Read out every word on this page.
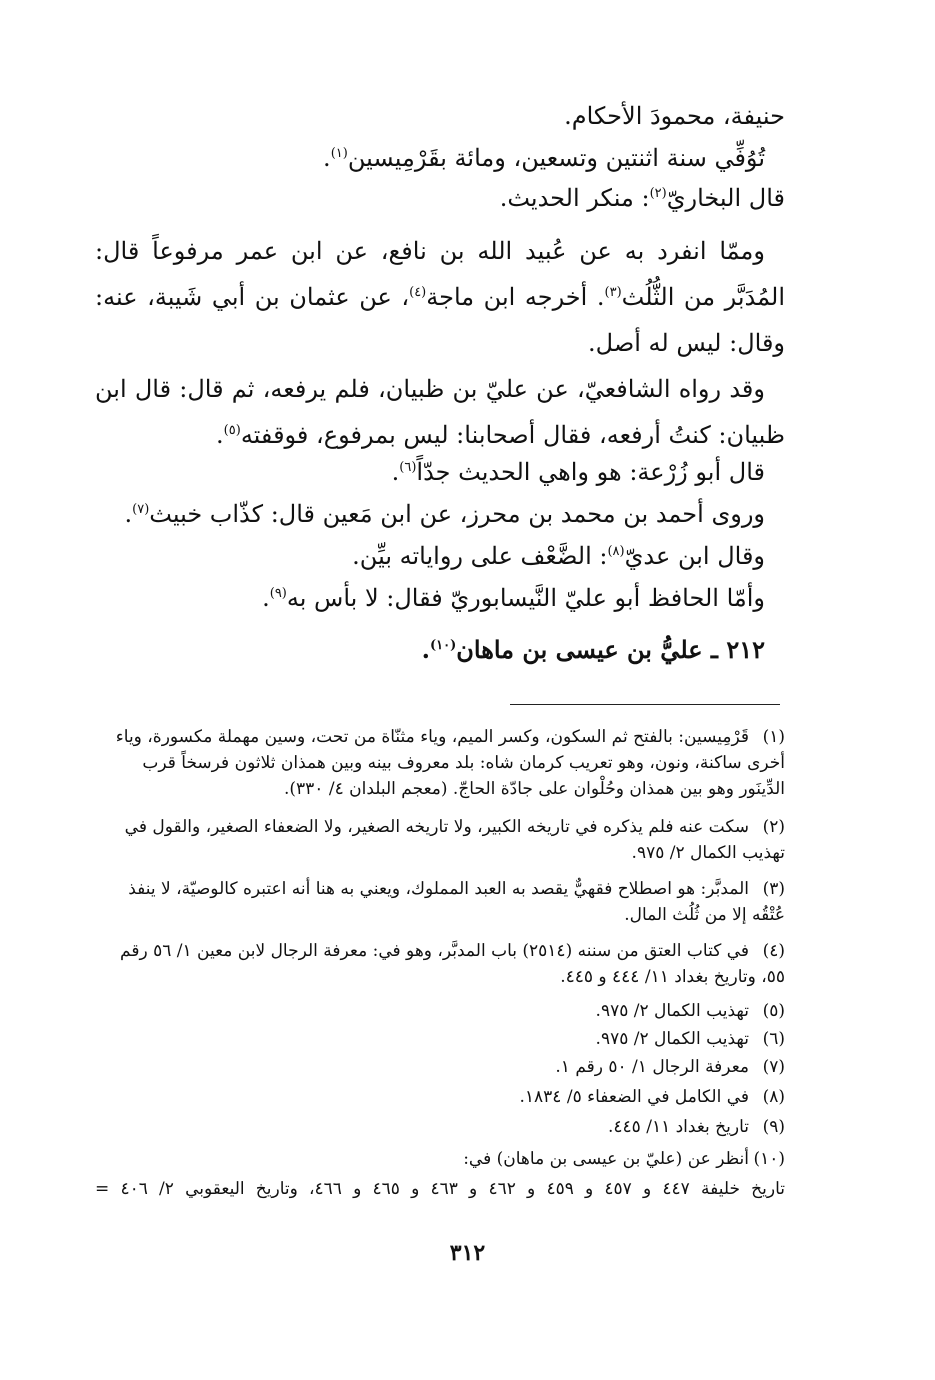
حنيفة، محمودَ الأحكام.
تُوُفِّي سنة اثنتين وتسعين، ومائة بقَرْمِيسين$^{(١)}$.
قال البخاريّ$^{(٢)}$: منكر الحديث.
وممّا انفرد به عن عُبيد الله بن نافع، عن ابن عمر مرفوعاً قال: المُدَبَّر من الثُّلُث$^{(٣)}$. أخرجه ابن ماجة$^{(٤)}$، عن عثمان بن أبي شَيبة، عنه: وقال: ليس له أصل.
وقد رواه الشافعيّ، عن عليّ بن ظبيان، فلم يرفعه، ثم قال: قال ابن ظبيان: كنتُ أرفعه، فقال أصحابنا: ليس بمرفوع، فوقفته$^{(٥)}$.
قال أبو زُرْعة: هو واهي الحديث جدّاً$^{(٦)}$.
وروى أحمد بن محمد بن محرز، عن ابن مَعين قال: كذّاب خبيث$^{(٧)}$.
وقال ابن عديّ$^{(٨)}$: الضَّعْف على رواياته بيِّن.
وأمّا الحافظ أبو عليّ النَّيسابوريّ فقال: لا بأس به$^{(٩)}$.
٢١٢ ـ عليُّ بن عيسى بن ماهان$^{(١٠)}$.
(١)قَرْمِيسين: بالفتح ثم السكون، وكسر الميم، وياء مثنّاة من تحت، وسين مهملة مكسورة، وياء أخرى ساكنة، ونون، وهو تعريب كرمان شاه: بلد معروف بينه وبين همذان ثلاثون فرسخاً قرب الدِّينَور وهو بين همذان وحُلْوان على جادّة الحاجّ. (معجم البلدان ٤/ ٣٣٠).
(٢)سكت عنه فلم يذكره في تاريخه الكبير، ولا تاريخه الصغير، ولا الضعفاء الصغير، والقول في تهذيب الكمال ٢/ ٩٧٥.
(٣)المدبَّر: هو اصطلاح فقهيٌّ يقصد به العبد المملوك، ويعني به هنا أنه اعتبره كالوصيّة، لا ينفذ عُتْقُه إلا من ثُلُث المال.
(٤)في كتاب العتق من سننه (٢٥١٤) باب المدبَّر، وهو في: معرفة الرجال لابن معين ١/ ٥٦ رقم ٥٥، وتاريخ بغداد ١١/ ٤٤٤ و ٤٤٥.
(٥)تهذيب الكمال ٢/ ٩٧٥.
(٦)تهذيب الكمال ٢/ ٩٧٥.
(٧)معرفة الرجال ١/ ٥٠ رقم ١.
(٨)في الكامل في الضعفاء ٥/ ١٨٣٤.
(٩)تاريخ بغداد ١١/ ٤٤٥.
(١٠)أنظر عن (عليّ بن عيسى بن ماهان) في:
تاريخ خليفة ٤٤٧ و ٤٥٧ و ٤٥٩ و ٤٦٢ و ٤٦٣ و ٤٦٥ و ٤٦٦، وتاريخ اليعقوبي ٢/ ٤٠٦ =
٣١٢
